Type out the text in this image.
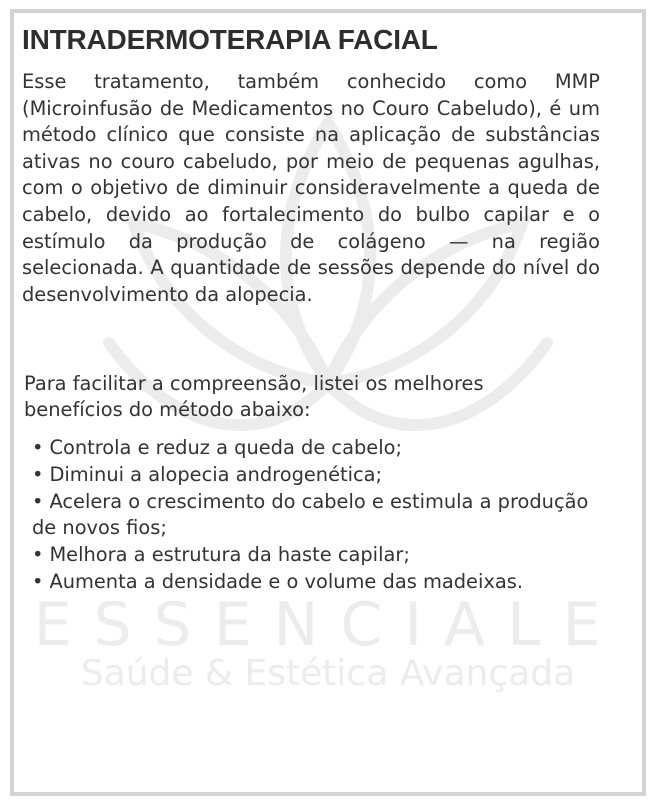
ESSENCIALE
Saúde & Estética Avançada
INTRADERMOTERAPIA FACIAL

Esse tratamento, também conhecido como MMP (Microinfusão de Medicamentos no Couro Cabeludo), é um método clínico que consiste na aplicação de substâncias ativas no couro cabeludo, por meio de pequenas agulhas, com o objetivo de diminuir consideravelmente a queda de cabelo, devido ao fortalecimento do bulbo capilar e o estímulo da produção de colágeno — na região selecionada. A quantidade de sessões depende do nível do desenvolvimento da alopecia.

Para facilitar a compreensão, listei os melhores benefícios do método abaixo:

• Controla e reduz a queda de cabelo;
• Diminui a alopecia androgenética;
• Acelera o crescimento do cabelo e estimula a produção de novos fios;
• Melhora a estrutura da haste capilar;
• Aumenta a densidade e o volume das madeixas.
